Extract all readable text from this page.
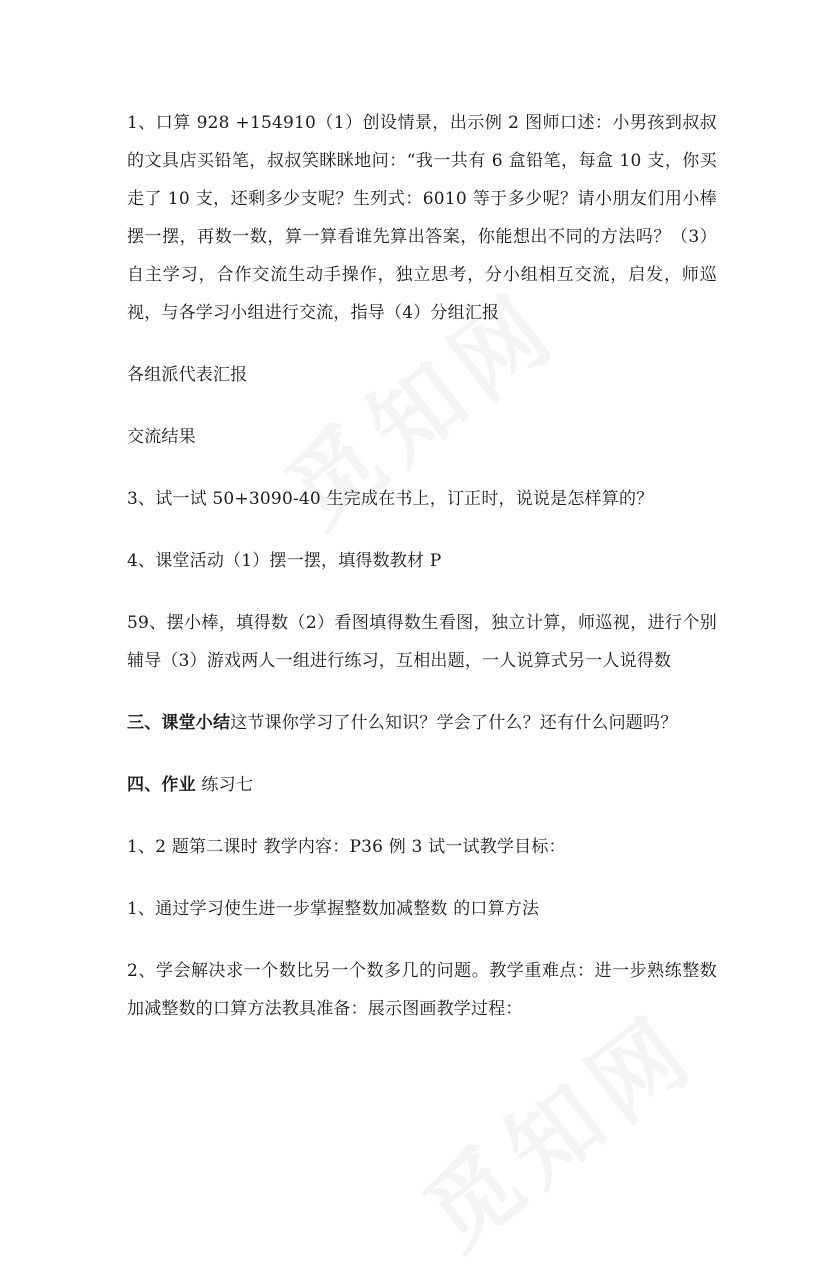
1、口算 928 +154910（1）创设情景，出示例 2 图师口述：小男孩到叔叔的文具店买铅笔，叔叔笑眯眯地问：“我一共有 6 盒铅笔，每盒 10 支，你买走了 10 支，还剩多少支呢？生列式：6010 等于多少呢？请小朋友们用小棒摆一摆，再数一数，算一算看谁先算出答案，你能想出不同的方法吗？（3）自主学习，合作交流生动手操作，独立思考，分小组相互交流，启发，师巡视，与各学习小组进行交流，指导（4）分组汇报

各组派代表汇报

交流结果

3、试一试 50+3090-40 生完成在书上，订正时，说说是怎样算的？

4、课堂活动（1）摆一摆，填得数教材 P

59、摆小棒，填得数（2）看图填得数生看图，独立计算，师巡视，进行个别辅导（3）游戏两人一组进行练习，互相出题，一人说算式另一人说得数

三、课堂小结这节课你学习了什么知识？学会了什么？还有什么问题吗？

四、作业 练习七

1、2 题第二课时 教学内容：P36 例 3 试一试教学目标：

1、通过学习使生进一步掌握整数加减整数 的口算方法

2、学会解决求一个数比另一个数多几的问题。教学重难点：进一步熟练整数加减整数的口算方法教具准备：展示图画教学过程：
